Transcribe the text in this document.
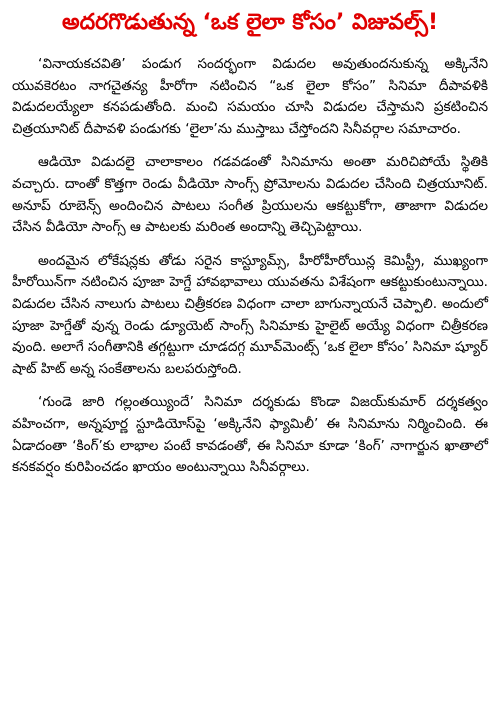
అదరగొడుతున్న ‘ఒక లైలా కోసం’ విజువల్స్!

‘వినాయకచవితి’ పండుగ సందర్భంగా విడుదల అవుతుందనుకున్న అక్కినేని యువకెరటం నాగచైతన్య హీరోగా నటించిన “ఒక లైలా కోసం” సినిమా దీపావళికి విడుదలయ్యేలా కనపడుతోంది. మంచి సమయం చూసి విడుదల చేస్తామని ప్రకటించిన చిత్రయూనిట్ దీపావళి పండుగకు ‘లైలా’ను ముస్తాబు చేస్తోందని సినీవర్గాల సమాచారం.

ఆడియో విడుదలై చాలాకాలం గడవడంతో సినిమాను అంతా మరిచిపోయే స్థితికి వచ్చారు. దాంతో కొత్తగా రెండు వీడియో సాంగ్స్ ప్రోమోలను విడుదల చేసింది చిత్రయూనిట్. అనూప్ రూబెన్స్ అందించిన పాటలు సంగీత ప్రియులను ఆకట్టుకోగా, తాజాగా విడుదల చేసిన వీడియో సాంగ్స్ ఆ పాటలకు మరింత అందాన్ని తెచ్చిపెట్టాయి.

అందమైన లోకేషన్లకు తోడు సరైన కాస్ట్యూమ్స్, హీరోహీరోయిన్ల కెమిస్ట్రీ, ముఖ్యంగా హీరోయిన్‌గా నటించిన పూజా హెగ్డే హావభావాలు యువతను విశేషంగా ఆకట్టుకుంటున్నాయి. విడుదల చేసిన నాలుగు పాటలు చిత్రీకరణ విధంగా చాలా బాగున్నాయనే చెప్పాలి. అందులో పూజా హెగ్డేతో వున్న రెండు డ్యూయెట్ సాంగ్స్ సినిమాకు హైలైట్ అయ్యే విధంగా చిత్రీకరణ వుంది. అలాగే సంగీతానికి తగ్గట్టుగా చూడదగ్గ మూవ్‌మెంట్స్ ‘ఒక లైలా కోసం’ సినిమా ష్యూర్ షాట్ హిట్ అన్న సంకేతాలను బలపరుస్తోంది.

‘గుండె జారి గల్లంతయ్యిందే’ సినిమా దర్శకుడు కొండా విజయ్‌కుమార్ దర్శకత్వం వహించగా, అన్నపూర్ణ స్టూడియోస్‌పై ‘అక్కినేని ఫ్యామిలీ’ ఈ సినిమాను నిర్మించింది. ఈ ఏడాదంతా ‘కింగ్’కు లాభాల పంటే కావడంతో, ఈ సినిమా కూడా ‘కింగ్’ నాగార్జున ఖాతాలో కనకవర్షం కురిపించడం ఖాయం అంటున్నాయి సినీవర్గాలు.
